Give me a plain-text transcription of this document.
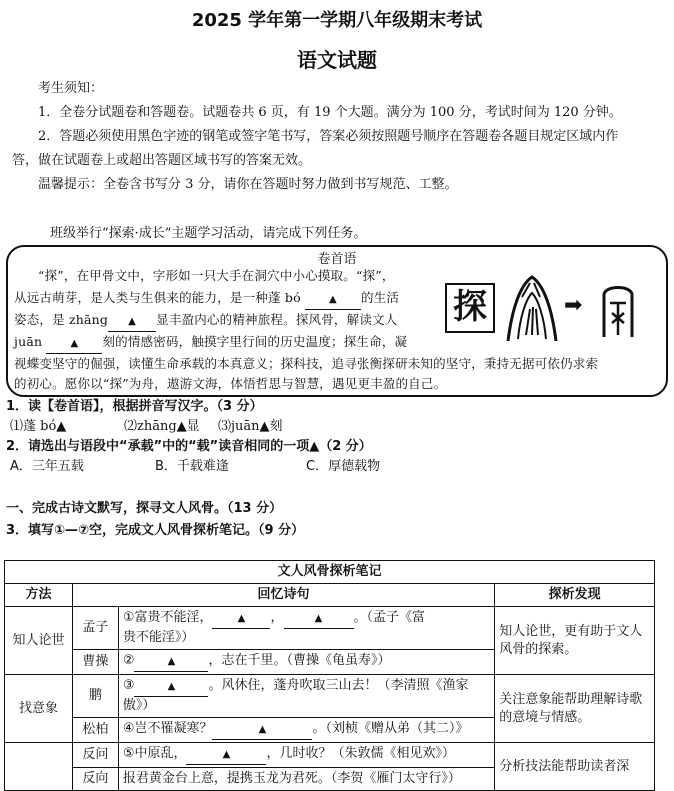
2025 学年第一学期八年级期末考试
语文试题
考生须知：
1．全卷分试题卷和答题卷。试题卷共 6 页，有 19 个大题。满分为 100 分，考试时间为 120 分钟。
2．答题必须使用黑色字迹的钢笔或签字笔书写，答案必须按照题号顺序在答题卷各题目规定区域内作
答，做在试题卷上或超出答题区域书写的答案无效。
温馨提示：全卷含书写分 3 分，请你在答题时努力做到书写规范、工整。
班级举行“探索·成长”主题学习活动，请完成下列任务。
卷首语
“探”，在甲骨文中，字形如一只大手在洞穴中小心摸取。“探”，
从远古萌芽，是人类与生俱来的能力，是一种蓬 bó	▲ 的生活
姿态，是 zhāng ▲ 显丰盈内心的精神旅程。探风骨，解读文人
juān	▲ 刻的情感密码，触摸字里行间的历史温度；探生命，凝
视蝶变坚守的倔强，读懂生命承载的本真意义；探科技，追寻张衡探研未知的坚守，秉持无据可依仍求索
的初心。愿你以“探”为舟，遨游文海，体悟哲思与智慧，遇见更丰盈的自己。
探	➡
1．读【卷首语】，根据拼音写汉字。（3 分）
⑴蓬 bó▲	⑵zhāng▲显 ⑶juān▲刻
2．请选出与语段中“承载”中的“载”读音相同的一项▲（2 分）
A．三年五载	B．千载难逢	C．厚德载物
一、完成古诗文默写，探寻文人风骨。（13 分）
3．填写①—⑦空，完成文人风骨探析笔记。（9 分）
文人风骨探析笔记			
方法	回忆诗句		探析发现
知人论世	孟子	①富贵不能淫， ▲ ， ▲ 。（孟子《富
贵不能淫》）	知人论世，更有助于文人风骨的探索。
	曹操	② ▲ ，志在千里。（曹操《龟虽寿》）	
找意象	鹏	③ ▲ 。风休住，蓬舟吹取三山去！（李清照《渔家
傲》）	关注意象能帮助理解诗歌的意境与情感。
	松柏	④岂不罹凝寒？ ▲ 。（刘桢《赠从弟（其二）》	
	反问	⑤中原乱， ▲ ，几时收？（朱敦儒《相见欢》）	分析技法能帮助读者深
	反向	报君黄金台上意，提携玉龙为君死。（李贺《雁门太守行》）	
